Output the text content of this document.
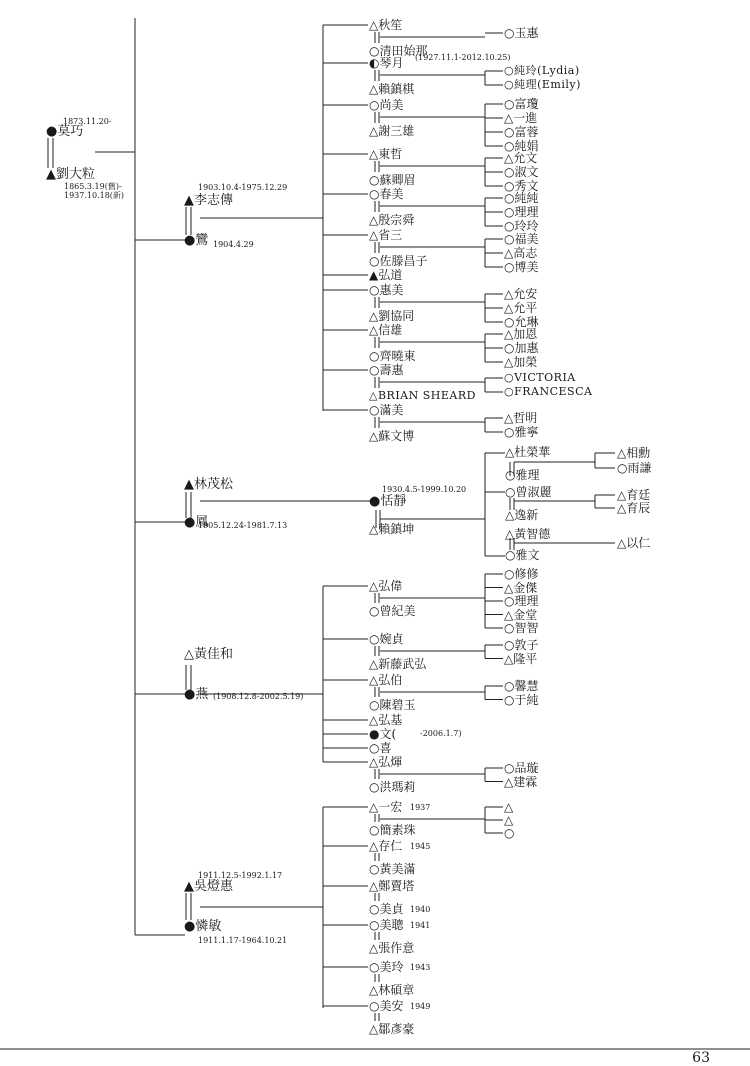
1873.11.20-
●莫巧
▲劉大粒
1865.3.19(舊)-
1937.10.18(新)
1903.10.4-1975.12.29
▲李志傳
●鸞 1904.4.29
△秋笙
○清田始那
○玉惠
◐琴月 (1927.11.1-2012.10.25)
△賴鎮棋
○純玲(Lydia)
○純理(Emily)
○尚美
△謝三雄
○富瓊
△一進
○富蓉
○純娟
△東哲
○蘇卿眉
△允文
○淑文
○秀文
○春美
△殷宗舜
○純純
○理理
○玲玲
△省三
○佐滕昌子
○福美
△高志
○博美
▲弘道
○惠美
△劉協同
△允安
△允平
○允琳
△信雄
○齊曉東
△加恩
○加惠
△加榮
○壽惠
△BRIAN SHEARD
○VICTORIA
○FRANCESCA
○滿美
△蘇文博
△哲明
○雅寧
▲林茂松
●鳳
1905.12.24-1981.7.13
1930.4.5-1999.10.20
●恬靜
△賴鎮坤
△杜榮華
○雅理
○曾淑麗
△逸新
△黃智德
○雅文
△相勳
○雨謙
△育廷
△育辰
△以仁
△黃佳和
●燕 (1908.12.8-2002.5.19)
△弘偉
○曾紀美
○修修
△金傑
○理理
△金堂
○智智
○婉貞
△新藤武弘
○敦子
△隆平
△弘伯
○陳碧玉
○馨慧
○于純
△弘基
●文(	-2006.1.7)
○喜
△弘煇
○洪瑪莉
○品璇
△建霖
1911.12.5-1992.1.17
▲吳燈惠
●憐敏
1911.1.17-1964.10.21
△一宏 1937
○簡素珠
△
△
○
△存仁 1945
○黃美滿
△鄭賣塔
○美貞 1940
○美聰 1941
△張作意
○美玲 1943
△林碩章
○美安 1949
△鄒彥豪
63
